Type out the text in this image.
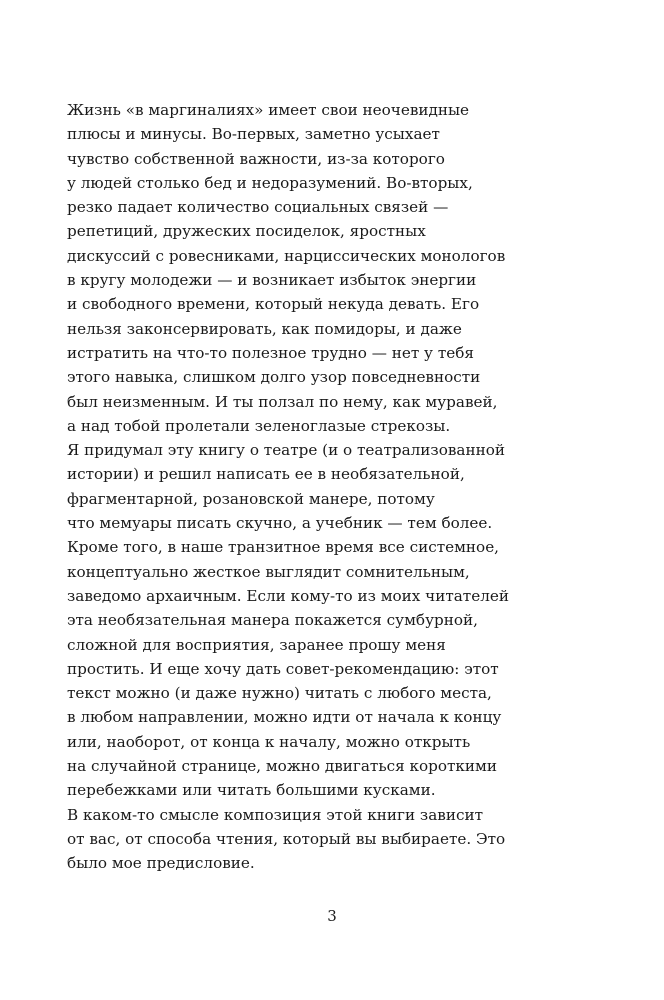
Жизнь «в маргиналиях» имеет свои неочевидные
плюсы и минусы. Во-первых, заметно усыхает
чувство собственной важности, из-за которого
у людей столько бед и недоразумений. Во-вторых,
резко падает количество социальных связей —
репетиций, дружеских посиделок, яростных
дискуссий с ровесниками, нарциссических монологов
в кругу молодежи — и возникает избыток энергии
и свободного времени, который некуда девать. Его
нельзя законсервировать, как помидоры, и даже
истратить на что-то полезное трудно — нет у тебя
этого навыка, слишком долго узор повседневности
был неизменным. И ты ползал по нему, как муравей,
а над тобой пролетали зеленоглазые стрекозы.
Я придумал эту книгу о театре (и о театрализованной
истории) и решил написать ее в необязательной,
фрагментарной, розановской манере, потому
что мемуары писать скучно, а учебник — тем более.
Кроме того, в наше транзитное время все системное,
концептуально жесткое выглядит сомнительным,
заведомо архаичным. Если кому-то из моих читателей
эта необязательная манера покажется сумбурной,
сложной для восприятия, заранее прошу меня
простить. И еще хочу дать совет-рекомендацию: этот
текст можно (и даже нужно) читать с любого места,
в любом направлении, можно идти от начала к концу
или, наоборот, от конца к началу, можно открыть
на случайной странице, можно двигаться короткими
перебежками или читать большими кусками.
В каком-то смысле композиция этой книги зависит
от вас, от способа чтения, который вы выбираете. Это
было мое предисловие.
3
